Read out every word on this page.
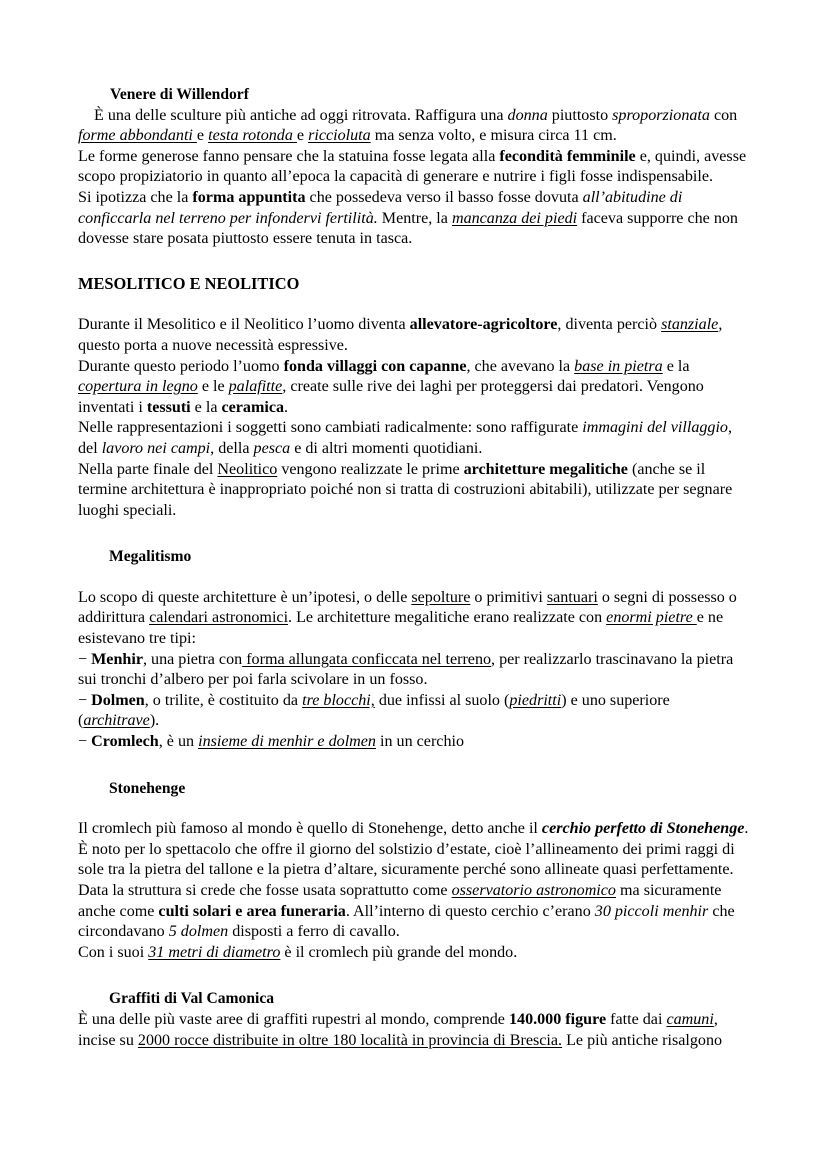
Venere di Willendorf

È una delle sculture più antiche ad oggi ritrovata. Raffigura una donna piuttosto sproporzionata con forme abbondanti e testa rotonda e riccioluta ma senza volto, e misura circa 11 cm.

Le forme generose fanno pensare che la statuina fosse legata alla fecondità femminile e, quindi, avesse scopo propiziatorio in quanto all’epoca la capacità di generare e nutrire i figli fosse indispensabile.

Si ipotizza che la forma appuntita che possedeva verso il basso fosse dovuta all’abitudine di conficcarla nel terreno per infondervi fertilità. Mentre, la mancanza dei piedi faceva supporre che non dovesse stare posata piuttosto essere tenuta in tasca.

MESOLITICO E NEOLITICO

Durante il Mesolitico e il Neolitico l’uomo diventa allevatore-agricoltore, diventa perciò stanziale, questo porta a nuove necessità espressive.

Durante questo periodo l’uomo fonda villaggi con capanne, che avevano la base in pietra e la copertura in legno e le palafitte, create sulle rive dei laghi per proteggersi dai predatori. Vengono inventati i tessuti e la ceramica.

Nelle rappresentazioni i soggetti sono cambiati radicalmente: sono raffigurate immagini del villaggio, del lavoro nei campi, della pesca e di altri momenti quotidiani.

Nella parte finale del Neolitico vengono realizzate le prime architetture megalitiche (anche se il termine architettura è inappropriato poiché non si tratta di costruzioni abitabili), utilizzate per segnare luoghi speciali.

Megalitismo

Lo scopo di queste architetture è un’ipotesi, o delle sepolture o primitivi santuari o segni di possesso o addirittura calendari astronomici. Le architetture megalitiche erano realizzate con enormi pietre e ne esistevano tre tipi:

− Menhir, una pietra con forma allungata conficcata nel terreno, per realizzarlo trascinavano la pietra sui tronchi d’albero per poi farla scivolare in un fosso.

− Dolmen, o trilite, è costituito da tre blocchi, due infissi al suolo (piedritti) e uno superiore (architrave).

− Cromlech, è un insieme di menhir e dolmen in un cerchio

Stonehenge

Il cromlech più famoso al mondo è quello di Stonehenge, detto anche il cerchio perfetto di Stonehenge. È noto per lo spettacolo che offre il giorno del solstizio d’estate, cioè l’allineamento dei primi raggi di sole tra la pietra del tallone e la pietra d’altare, sicuramente perché sono allineate quasi perfettamente.

Data la struttura si crede che fosse usata soprattutto come osservatorio astronomico ma sicuramente anche come culti solari e area funeraria. All’interno di questo cerchio c’erano 30 piccoli menhir che circondavano 5 dolmen disposti a ferro di cavallo.

Con i suoi 31 metri di diametro è il cromlech più grande del mondo.

Graffiti di Val Camonica

È una delle più vaste aree di graffiti rupestri al mondo, comprende 140.000 figure fatte dai camuni, incise su 2000 rocce distribuite in oltre 180 località in provincia di Brescia. Le più antiche risalgono
